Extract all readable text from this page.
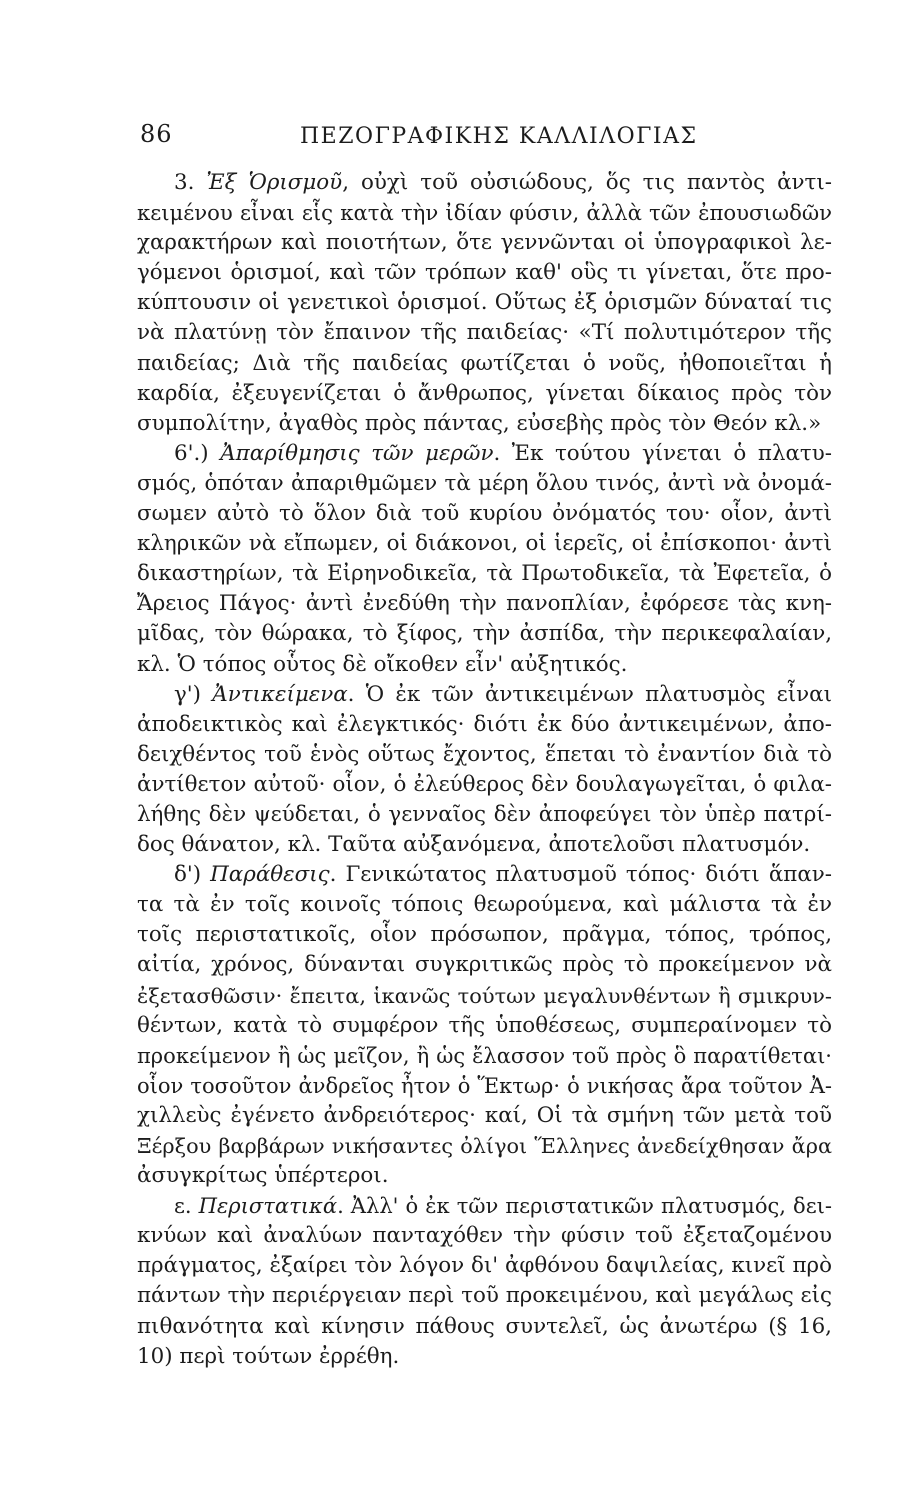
86	ΠΕΖΟΓΡΑΦΙΚΗΣ ΚΑΛΛΙΛΟΓΙΑΣ
3. Ἐξ Ὁρισμοῦ, οὐχὶ τοῦ οὐσιώδους, ὅς τις παντὸς ἀντι-
κειμένου εἶναι εἷς κατὰ τὴν ἰδίαν φύσιν, ἀλλὰ τῶν ἐπουσιωδῶν
χαρακτήρων καὶ ποιοτήτων, ὅτε γεννῶνται οἱ ὑπογραφικοὶ λε-
γόμενοι ὁρισμοί, καὶ τῶν τρόπων καθ' οὓς τι γίνεται, ὅτε προ-
κύπτουσιν οἱ γενετικοὶ ὁρισμοί. Οὕτως ἐξ ὁρισμῶν δύναταί τις
νὰ πλατύνῃ τὸν ἔπαινον τῆς παιδείας· «Τί πολυτιμότερον τῆς
παιδείας; Διὰ τῆς παιδείας φωτίζεται ὁ νοῦς, ἠθοποιεῖται ἡ
καρδία, ἐξευγενίζεται ὁ ἄνθρωπος, γίνεται δίκαιος πρὸς τὸν
συμπολίτην, ἀγαθὸς πρὸς πάντας, εὐσεβὴς πρὸς τὸν Θεόν κλ.»
6'.) Ἀπαρίθμησις τῶν μερῶν. Ἐκ τούτου γίνεται ὁ πλατυ-
σμός, ὁπόταν ἀπαριθμῶμεν τὰ μέρη ὅλου τινός, ἀντὶ νὰ ὀνομά-
σωμεν αὐτὸ τὸ ὅλον διὰ τοῦ κυρίου ὀνόματός του· οἷον, ἀντὶ
κληρικῶν νὰ εἴπωμεν, οἱ διάκονοι, οἱ ἱερεῖς, οἱ ἐπίσκοποι· ἀντὶ
δικαστηρίων, τὰ Εἰρηνοδικεῖα, τὰ Πρωτοδικεῖα, τὰ Ἐφετεῖα, ὁ
Ἄρειος Πάγος· ἀντὶ ἐνεδύθη τὴν πανοπλίαν, ἐφόρεσε τὰς κνη-
μῖδας, τὸν θώρακα, τὸ ξίφος, τὴν ἀσπίδα, τὴν περικεφαλαίαν,
κλ. Ὁ τόπος οὗτος δὲ οἴκοθεν εἶν' αὐξητικός.
γ') Ἀντικείμενα. Ὁ ἐκ τῶν ἀντικειμένων πλατυσμὸς εἶναι
ἀποδεικτικὸς καὶ ἐλεγκτικός· διότι ἐκ δύο ἀντικειμένων, ἀπο-
δειχθέντος τοῦ ἑνὸς οὕτως ἔχοντος, ἕπεται τὸ ἐναντίον διὰ τὸ
ἀντίθετον αὐτοῦ· οἷον, ὁ ἐλεύθερος δὲν δουλαγωγεῖται, ὁ φιλα-
λήθης δὲν ψεύδεται, ὁ γενναῖος δὲν ἀποφεύγει τὸν ὑπὲρ πατρί-
δος θάνατον, κλ. Ταῦτα αὐξανόμενα, ἀποτελοῦσι πλατυσμόν.
δ') Παράθεσις. Γενικώτατος πλατυσμοῦ τόπος· διότι ἅπαν-
τα τὰ ἐν τοῖς κοινοῖς τόποις θεωρούμενα, καὶ μάλιστα τὰ ἐν
τοῖς περιστατικοῖς, οἷον πρόσωπον, πρᾶγμα, τόπος, τρόπος,
αἰτία, χρόνος, δύνανται συγκριτικῶς πρὸς τὸ προκείμενον νὰ
ἐξετασθῶσιν· ἔπειτα, ἱκανῶς τούτων μεγαλυνθέντων ἢ σμικρυν-
θέντων, κατὰ τὸ συμφέρον τῆς ὑποθέσεως, συμπεραίνομεν τὸ
προκείμενον ἢ ὡς μεῖζον, ἢ ὡς ἔλασσον τοῦ πρὸς ὃ παρατίθεται·
οἷον τοσοῦτον ἀνδρεῖος ἦτον ὁ Ἕκτωρ· ὁ νικήσας ἄρα τοῦτον Ἀ-
χιλλεὺς ἐγένετο ἀνδρειότερος· καί, Οἱ τὰ σμήνη τῶν μετὰ τοῦ
Ξέρξου βαρβάρων νικήσαντες ὀλίγοι Ἕλληνες ἀνεδείχθησαν ἄρα
ἀσυγκρίτως ὑπέρτεροι.
ε. Περιστατικά. Ἀλλ' ὁ ἐκ τῶν περιστατικῶν πλατυσμός, δει-
κνύων καὶ ἀναλύων πανταχόθεν τὴν φύσιν τοῦ ἐξεταζομένου
πράγματος, ἐξαίρει τὸν λόγον δι' ἀφθόνου δαψιλείας, κινεῖ πρὸ
πάντων τὴν περιέργειαν περὶ τοῦ προκειμένου, καὶ μεγάλως εἰς
πιθανότητα καὶ κίνησιν πάθους συντελεῖ, ὡς ἀνωτέρω (§ 16,
10) περὶ τούτων ἐρρέθη.
